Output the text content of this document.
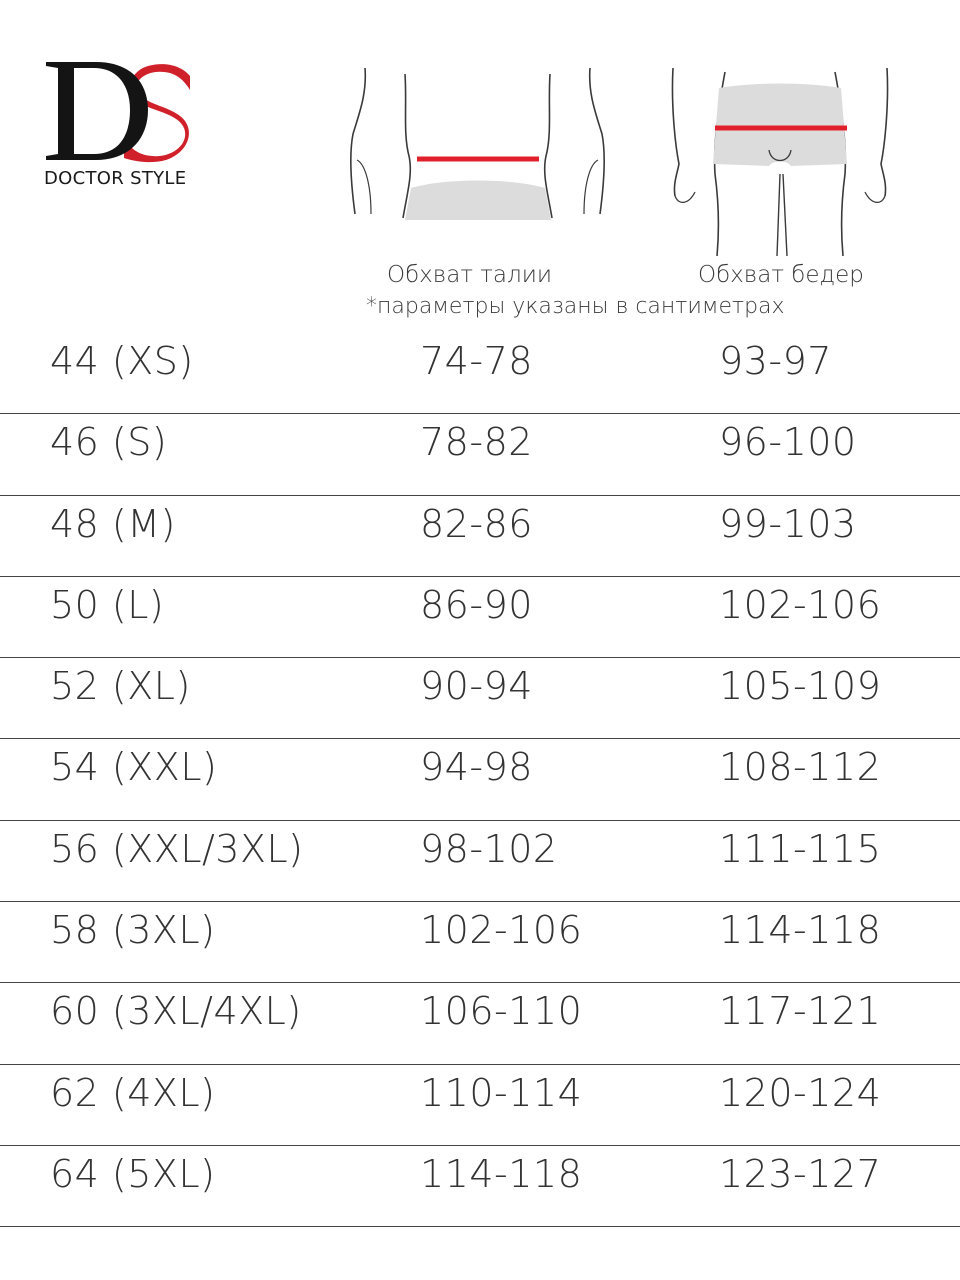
DOCTOR STYLE
Обхват талии	Обхват бедер
*параметры указаны в сантиметрах
44 (XS)	74-78	93-97
46 (S)	78-82	96-100
48 (M)	82-86	99-103
50 (L)	86-90	102-106
52 (XL)	90-94	105-109
54 (XXL)	94-98	108-112
56 (XXL/3XL)	98-102	111-115
58 (3XL)	102-106	114-118
60 (3XL/4XL)	106-110	117-121
62 (4XL)	110-114	120-124
64 (5XL)	114-118	123-127
